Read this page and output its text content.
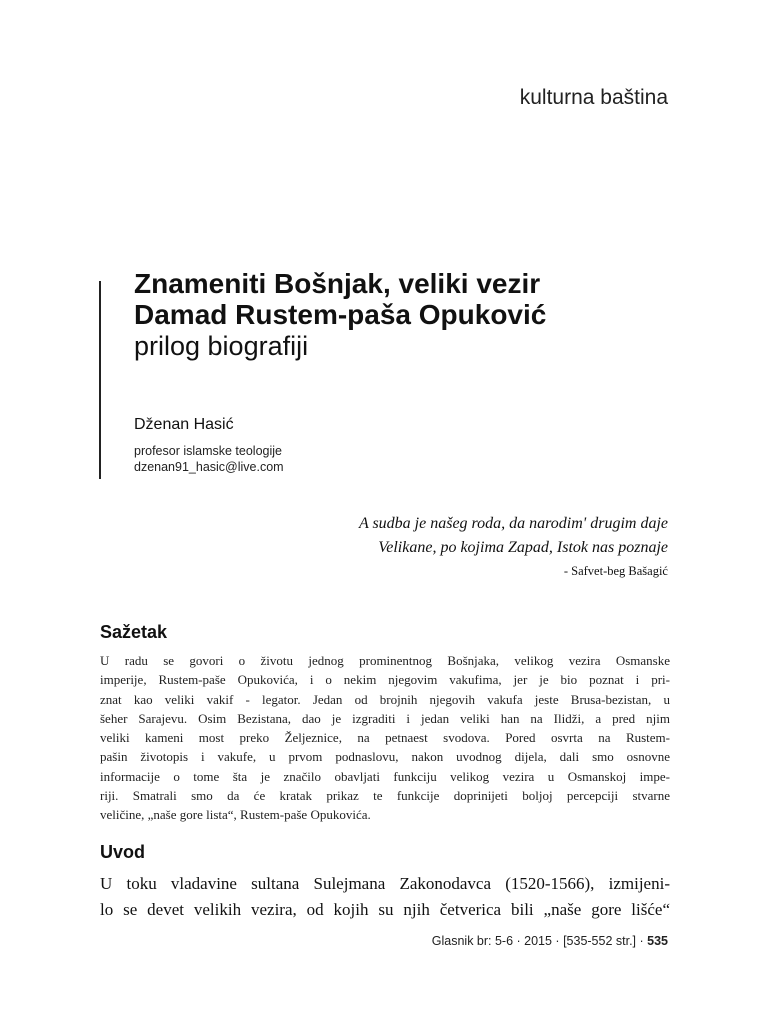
kulturna baština
Znameniti Bošnjak, veliki vezir
Damad Rustem-paša Opuković
prilog biografiji
Dženan Hasić
profesor islamske teologije
dzenan91_hasic@live.com
A sudba je našeg roda, da narodim' drugim daje
Velikane, po kojima Zapad, Istok nas poznaje
- Safvet-beg Bašagić
Sažetak
U radu se govori o životu jednog prominentnog Bošnjaka, velikog vezira Osmanske
imperije, Rustem-paše Opukovića, i o nekim njegovim vakufima, jer je bio poznat i pri-
znat kao veliki vakif - legator. Jedan od brojnih njegovih vakufa jeste Brusa-bezistan, u
šeher Sarajevu. Osim Bezistana, dao je izgraditi i jedan veliki han na Ilidži, a pred njim
veliki kameni most preko Željeznice, na petnaest svodova. Pored osvrta na Rustem-
pašin životopis i vakufe, u prvom podnaslovu, nakon uvodnog dijela, dali smo osnovne
informacije o tome šta je značilo obavljati funkciju velikog vezira u Osmanskoj impe-
riji. Smatrali smo da će kratak prikaz te funkcije doprinijeti boljoj percepciji stvarne
veličine, „naše gore lista“, Rustem-paše Opukovića.
Uvod
U toku vladavine sultana Sulejmana Zakonodavca (1520-1566), izmijeni-
lo se devet velikih vezira, od kojih su njih četverica bili „naše gore lišće“
Glasnik br: 5-6 · 2015 · [535-552 str.] · 535
